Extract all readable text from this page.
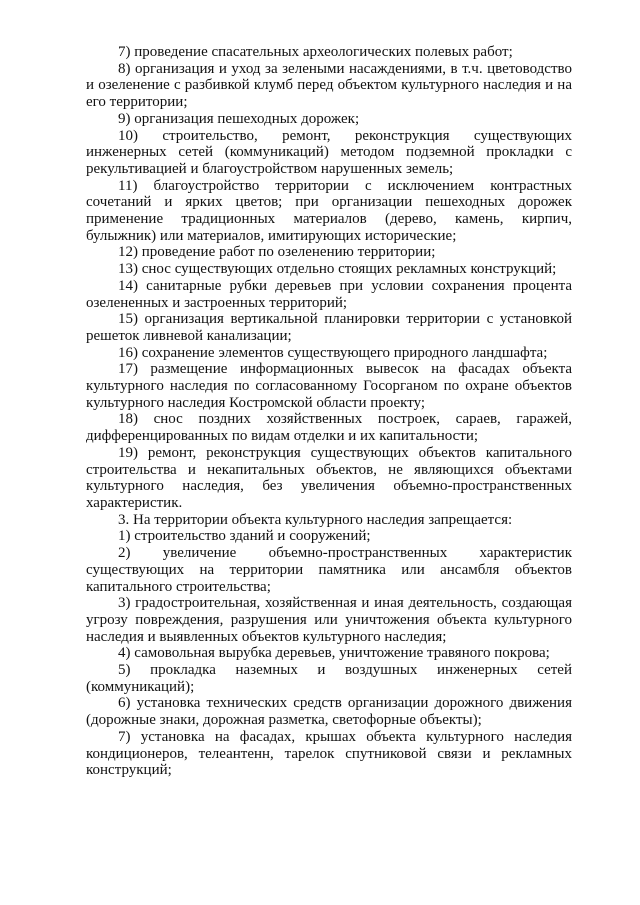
7) проведение спасательных археологических полевых работ;

8) организация и уход за зелеными насаждениями, в т.ч. цветоводство и озеленение с разбивкой клумб перед объектом культурного наследия и на его территории;

9) организация пешеходных дорожек;

10) строительство, ремонт, реконструкция существующих инженерных сетей (коммуникаций) методом подземной прокладки с рекультивацией и благоустройством нарушенных земель;

11) благоустройство территории с исключением контрастных сочетаний и ярких цветов; при организации пешеходных дорожек применение традиционных материалов (дерево, камень, кирпич, булыжник) или материалов, имитирующих исторические;

12) проведение работ по озеленению территории;

13) снос существующих отдельно стоящих рекламных конструкций;

14) санитарные рубки деревьев при условии сохранения процента озелененных и застроенных территорий;

15) организация вертикальной планировки территории с установкой решеток ливневой канализации;

16) сохранение элементов существующего природного ландшафта;

17) размещение информационных вывесок на фасадах объекта культурного наследия по согласованному Госорганом по охране объектов культурного наследия Костромской области проекту;

18) снос поздних хозяйственных построек, сараев, гаражей, дифференцированных по видам отделки и их капитальности;

19) ремонт, реконструкция существующих объектов капитального строительства и некапитальных объектов, не являющихся объектами культурного наследия, без увеличения объемно-пространственных характеристик.

3. На территории объекта культурного наследия запрещается:

1) строительство зданий и сооружений;

2) увеличение объемно-пространственных характеристик существующих на территории памятника или ансамбля объектов капитального строительства;

3) градостроительная, хозяйственная и иная деятельность, создающая угрозу повреждения, разрушения или уничтожения объекта культурного наследия и выявленных объектов культурного наследия;

4) самовольная вырубка деревьев, уничтожение травяного покрова;

5) прокладка наземных и воздушных инженерных сетей (коммуникаций);

6) установка технических средств организации дорожного движения (дорожные знаки, дорожная разметка, светофорные объекты);

7) установка на фасадах, крышах объекта культурного наследия кондиционеров, телеантенн, тарелок спутниковой связи и рекламных конструкций;
